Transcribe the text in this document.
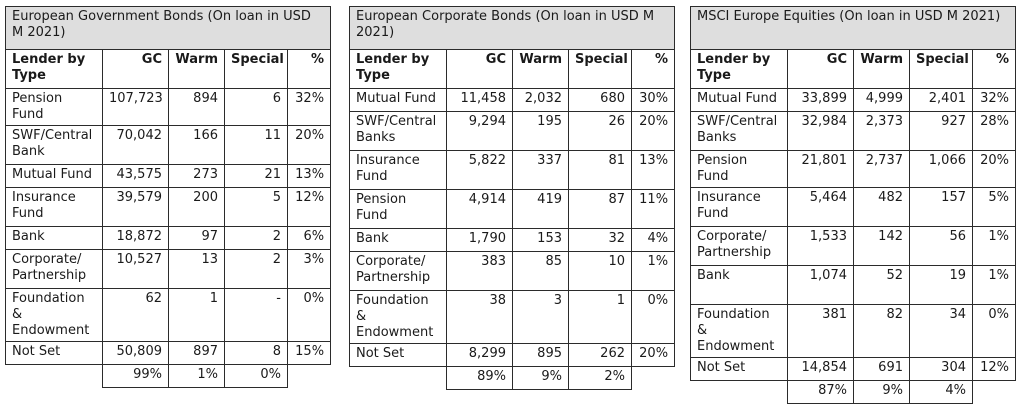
European Government Bonds (On loan in USD M 2021)				
Lender by Type	GC	Warm	Special	%
Pension Fund	107,723	894	6	32%
SWF/Central Bank	70,042	166	11	20%
Mutual Fund	43,575	273	21	13%
Insurance Fund	39,579	200	5	12%
Bank	18,872	97	2	6%
Corporate/ Partnership	10,527	13	2	3%
Foundation & Endowment	62	1	-	0%
Not Set	50,809	897	8	15%
	99%	1%	0%	
European Corporate Bonds (On loan in USD M 2021)				
Lender by Type	GC	Warm	Special	%
Mutual Fund	11,458	2,032	680	30%
SWF/Central Banks	9,294	195	26	20%
Insurance Fund	5,822	337	81	13%
Pension Fund	4,914	419	87	11%
Bank	1,790	153	32	4%
Corporate/ Partnership	383	85	10	1%
Foundation & Endowment	38	3	1	0%
Not Set	8,299	895	262	20%
	89%	9%	2%	
MSCI Europe Equities (On loan in USD M 2021)				
Lender by Type	GC	Warm	Special	%
Mutual Fund	33,899	4,999	2,401	32%
SWF/Central Banks	32,984	2,373	927	28%
Pension Fund	21,801	2,737	1,066	20%
Insurance Fund	5,464	482	157	5%
Corporate/ Partnership	1,533	142	56	1%
Bank	1,074	52	19	1%
Foundation & Endowment	381	82	34	0%
Not Set	14,854	691	304	12%
	87%	9%	4%	
